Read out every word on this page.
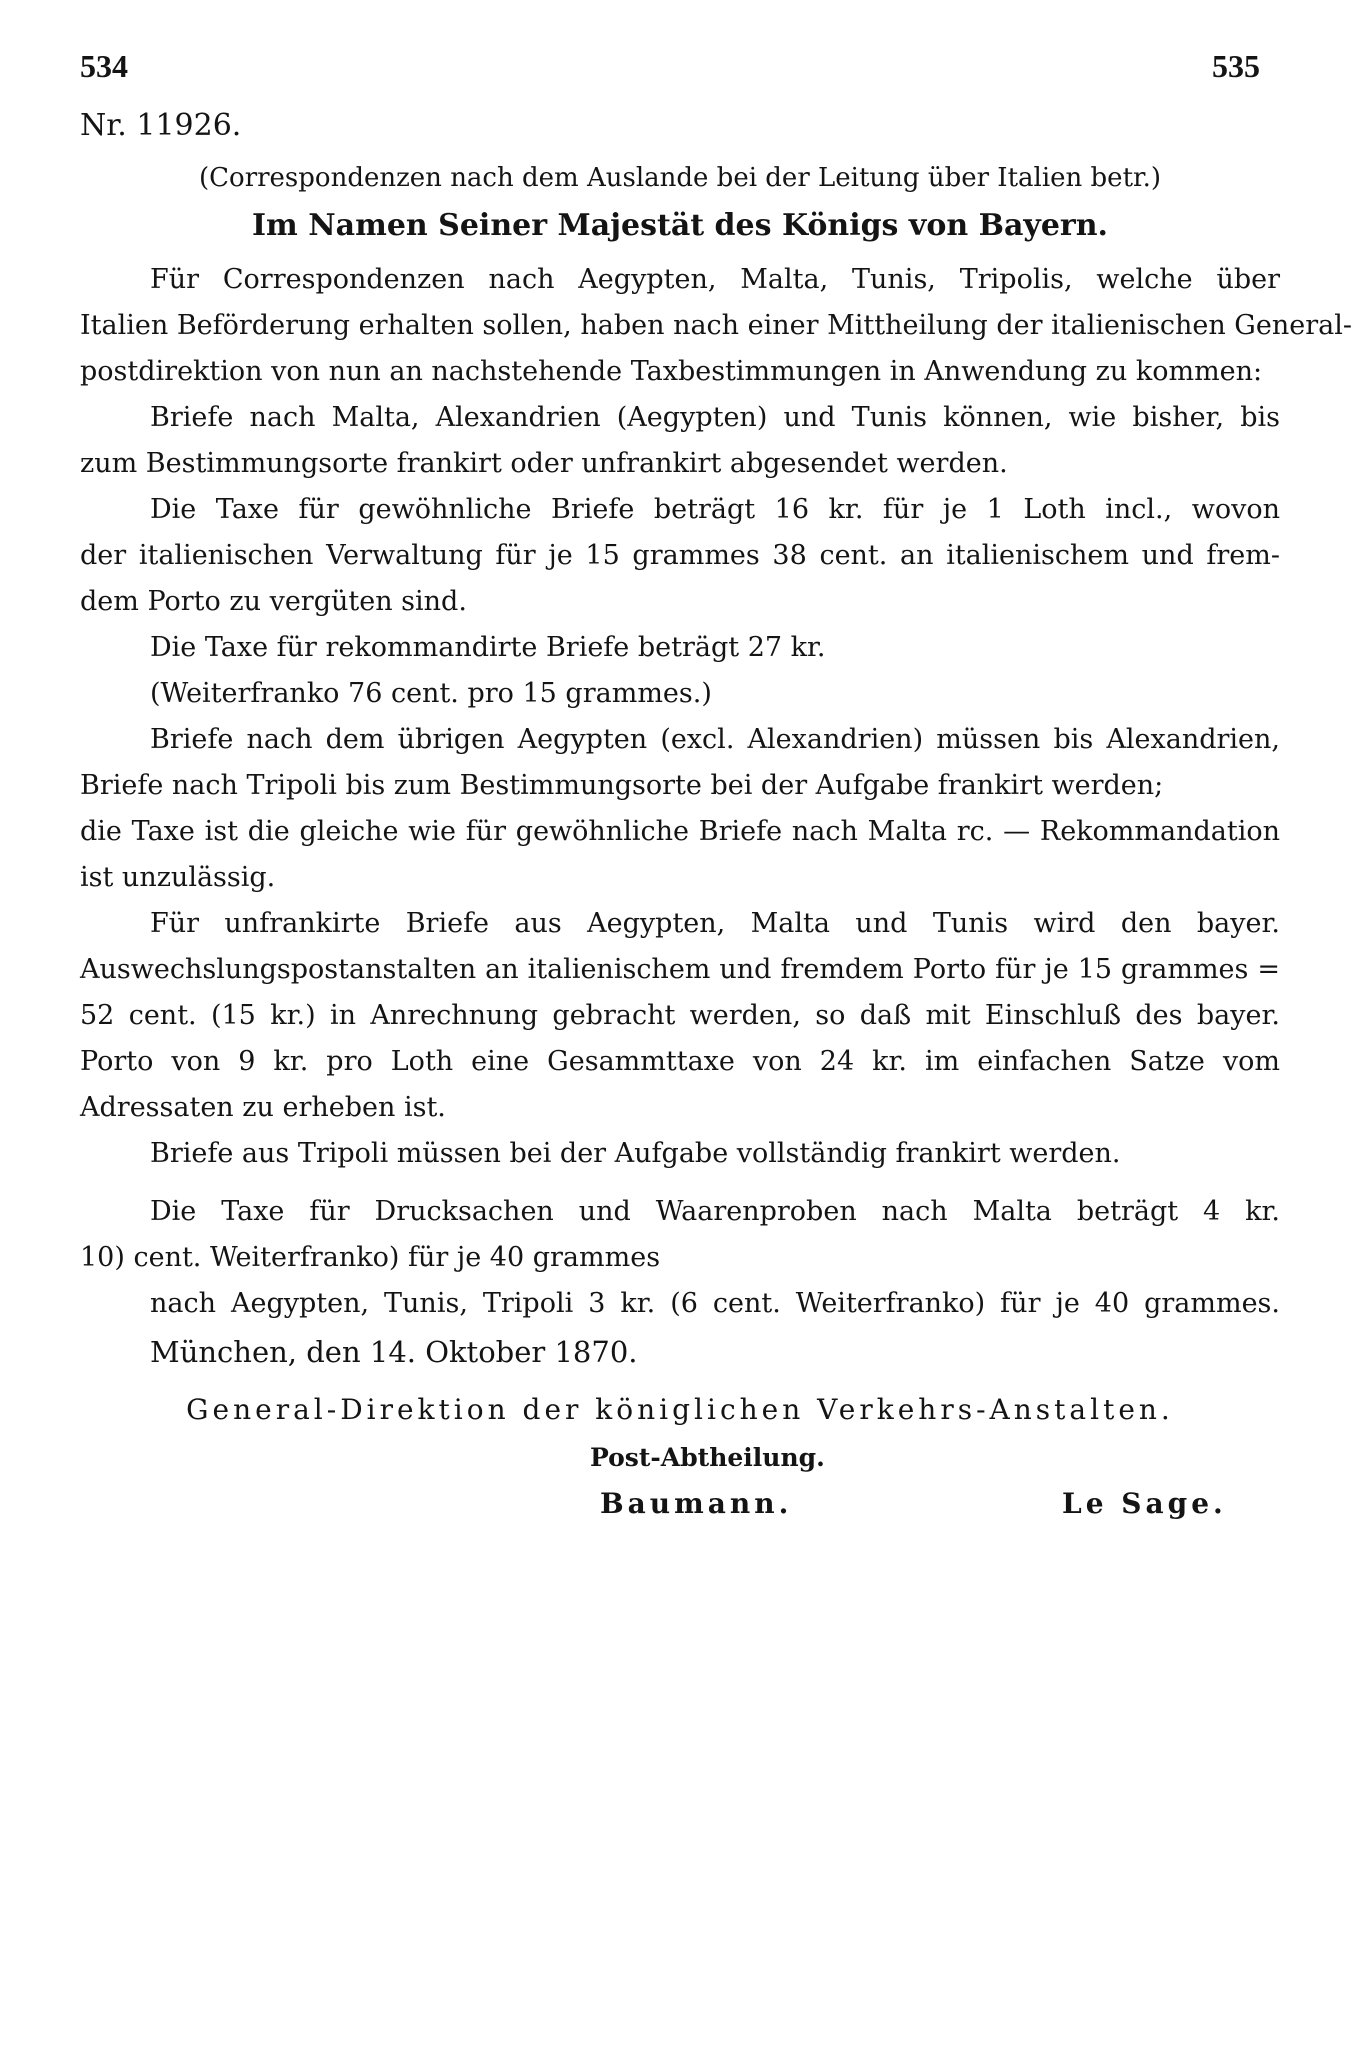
534	535
Nr. 11926.
(Correspondenzen nach dem Auslande bei der Leitung über Italien betr.)
Im Namen Seiner Majestät des Königs von Bayern.
Für Correspondenzen nach Aegypten, Malta, Tunis, Tripolis, welche über
Italien Beförderung erhalten sollen, haben nach einer Mittheilung der italienischen General-
postdirektion von nun an nachstehende Taxbestimmungen in Anwendung zu kommen:
Briefe nach Malta, Alexandrien (Aegypten) und Tunis können, wie bisher, bis
zum Bestimmungsorte frankirt oder unfrankirt abgesendet werden.
Die Taxe für gewöhnliche Briefe beträgt 16 kr. für je 1 Loth incl., wovon
der italienischen Verwaltung für je 15 grammes 38 cent. an italienischem und frem-
dem Porto zu vergüten sind.
Die Taxe für rekommandirte Briefe beträgt 27 kr.
(Weiterfranko 76 cent. pro 15 grammes.)
Briefe nach dem übrigen Aegypten (excl. Alexandrien) müssen bis Alexandrien,
Briefe nach Tripoli bis zum Bestimmungsorte bei der Aufgabe frankirt werden;
die Taxe ist die gleiche wie für gewöhnliche Briefe nach Malta rc. — Rekommandation
ist unzulässig.
Für unfrankirte Briefe aus Aegypten, Malta und Tunis wird den bayer.
Auswechslungspostanstalten an italienischem und fremdem Porto für je 15 grammes =
52 cent. (15 kr.) in Anrechnung gebracht werden, so daß mit Einschluß des bayer.
Porto von 9 kr. pro Loth eine Gesammttaxe von 24 kr. im einfachen Satze vom
Adressaten zu erheben ist.
Briefe aus Tripoli müssen bei der Aufgabe vollständig frankirt werden.
Die Taxe für Drucksachen und Waarenproben nach Malta beträgt 4 kr.
10) cent. Weiterfranko) für je 40 grammes
nach Aegypten, Tunis, Tripoli 3 kr. (6 cent. Weiterfranko) für je 40 grammes.
München, den 14. Oktober 1870.
General-Direktion der königlichen Verkehrs-Anstalten.
Post-Abtheilung.
Baumann.	Le Sage.
